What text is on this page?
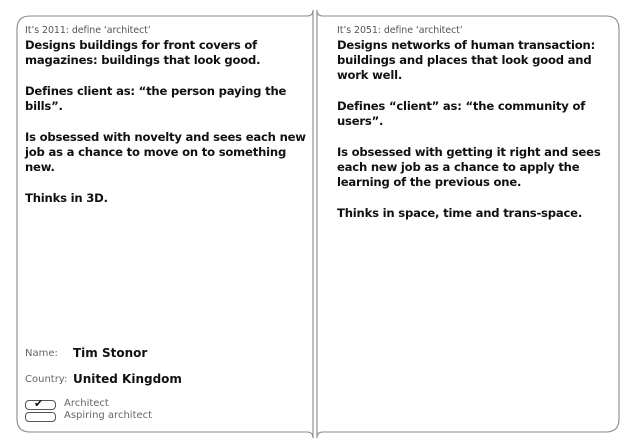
It’s 2011: define ‘architect’

Designs buildings for front covers of magazines: buildings that look good.

Defines client as: “the person paying the bills”.

Is obsessed with novelty and sees each new job as a chance to move on to something new.

Thinks in 3D.

It’s 2051: define ‘architect’

Designs networks of human transaction: buildings and places that look good and work well.

Defines “client” as: “the community of users”.

Is obsessed with getting it right and sees each new job as a chance to apply the learning of the previous one.

Thinks in space, time and trans-space.

Name: Tim Stonor
Country: United Kingdom
✔ Architect
Aspiring architect
